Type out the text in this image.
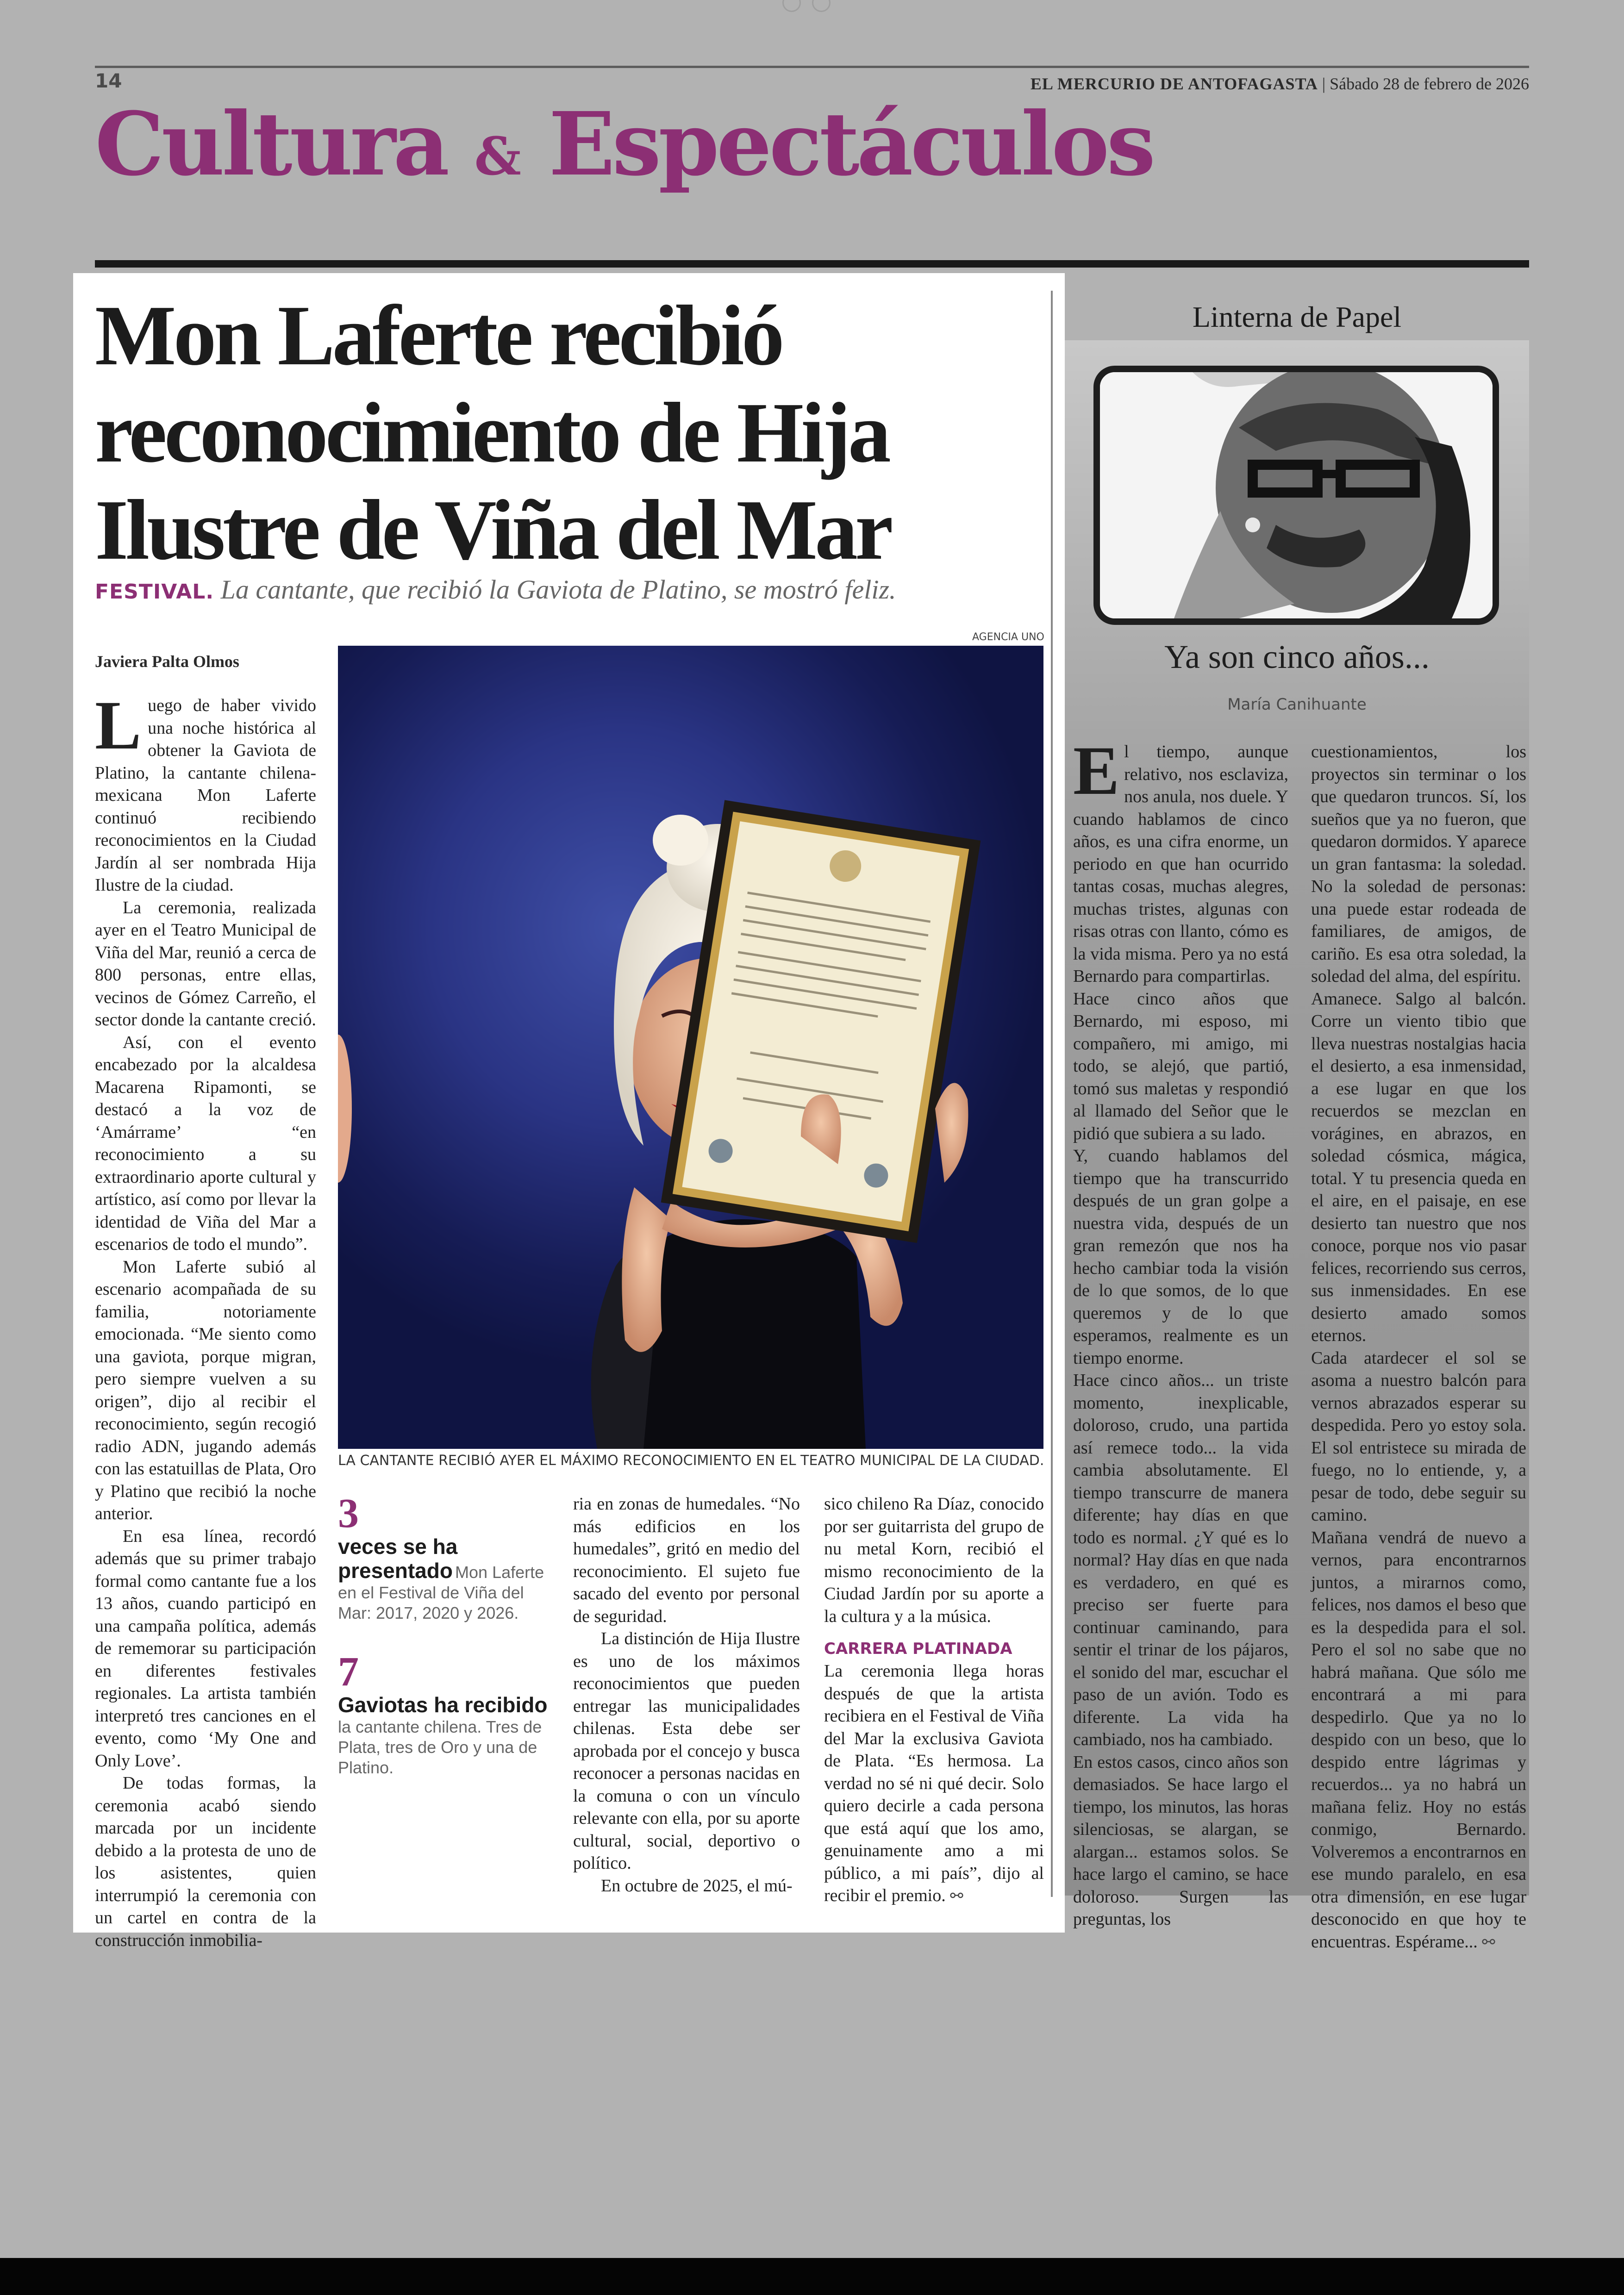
14	EL MERCURIO DE ANTOFAGASTA | Sábado 28 de febrero de 2026
Cultura & Espectáculos
Mon Laferte recibió reconocimiento de Hija Ilustre de Viña del Mar
FESTIVAL. La cantante, que recibió la Gaviota de Platino, se mostró feliz.
AGENCIA UNO
LA CANTANTE RECIBIÓ AYER EL MÁXIMO RECONOCIMIENTO EN EL TEATRO MUNICIPAL DE LA CIUDAD.
Javiera Palta Olmos

Luego de haber vivido una noche histórica al obtener la Gaviota de Platino, la cantante chilena-mexicana Mon Laferte continuó recibiendo reconocimientos en la Ciudad Jardín al ser nombrada Hija Ilustre de la ciudad.

La ceremonia, realizada ayer en el Teatro Municipal de Viña del Mar, reunió a cerca de 800 personas, entre ellas, vecinos de Gómez Carreño, el sector donde la cantante creció.

Así, con el evento encabezado por la alcaldesa Macarena Ripamonti, se destacó a la voz de ‘Amárrame’ “en reconocimiento a su extraordinario aporte cultural y artístico, así como por llevar la identidad de Viña del Mar a escenarios de todo el mundo”.

Mon Laferte subió al escenario acompañada de su familia, notoriamente emocionada. “Me siento como una gaviota, porque migran, pero siempre vuelven a su origen”, dijo al recibir el reconocimiento, según recogió radio ADN, jugando además con las estatuillas de Plata, Oro y Platino que recibió la noche anterior.

En esa línea, recordó además que su primer trabajo formal como cantante fue a los 13 años, cuando participó en una campaña política, además de rememorar su participación en diferentes festivales regionales. La artista también interpretó tres canciones en el evento, como ‘My One and Only Love’.

De todas formas, la ceremonia acabó siendo marcada por un incidente debido a la protesta de uno de los asistentes, quien interrumpió la ceremonia con un cartel en contra de la construcción inmobilia-

3
veces se ha presentado Mon Laferte en el Festival de Viña del Mar: 2017, 2020 y 2026.
7
Gaviotas ha recibido
la cantante chilena. Tres de Plata, tres de Oro y una de Platino.

ria en zonas de humedales. “No más edificios en los humedales”, gritó en medio del reconocimiento. El sujeto fue sacado del evento por personal de seguridad.

La distinción de Hija Ilustre es uno de los máximos reconocimientos que pueden entregar las municipalidades chilenas. Esta debe ser aprobada por el concejo y busca reconocer a personas nacidas en la comuna o con un vínculo relevante con ella, por su aporte cultural, social, deportivo o político.

En octubre de 2025, el mú-

sico chileno Ra Díaz, conocido por ser guitarrista del grupo de nu metal Korn, recibió el mismo reconocimiento de la Ciudad Jardín por su aporte a la cultura y a la música.

CARRERA PLATINADA

La ceremonia llega horas después de que la artista recibiera en el Festival de Viña del Mar la exclusiva Gaviota de Plata. “Es hermosa. La verdad no sé ni qué decir. Solo quiero decirle a cada persona que está aquí que los amo, genuinamente amo a mi público, a mi país”, dijo al recibir el premio. ⚯

Linterna de Papel
Ya son cinco años...
María Canihuante

El tiempo, aunque relativo, nos esclaviza, nos anula, nos duele. Y cuando hablamos de cinco años, es una cifra enorme, un periodo en que han ocurrido tantas cosas, muchas alegres, muchas tristes, algunas con risas otras con llanto, cómo es la vida misma. Pero ya no está Bernardo para compartirlas.

Hace cinco años que Bernardo, mi esposo, mi compañero, mi amigo, mi todo, se alejó, que partió, tomó sus maletas y respondió al llamado del Señor que le pidió que subiera a su lado.

Y, cuando hablamos del tiempo que ha transcurrido después de un gran golpe a nuestra vida, después de un gran remezón que nos ha hecho cambiar toda la visión de lo que somos, de lo que queremos y de lo que esperamos, realmente es un tiempo enorme.

Hace cinco años... un triste momento, inexplicable, doloroso, crudo, una partida así remece todo... la vida cambia absolutamente. El tiempo transcurre de manera diferente; hay días en que todo es normal. ¿Y qué es lo normal? Hay días en que nada es verdadero, en qué es preciso ser fuerte para continuar caminando, para sentir el trinar de los pájaros, el sonido del mar, escuchar el paso de un avión. Todo es diferente. La vida ha cambiado, nos ha cambiado.

En estos casos, cinco años son demasiados. Se hace largo el tiempo, los minutos, las horas silenciosas, se alargan, se alargan... estamos solos. Se hace largo el camino, se hace doloroso. Surgen las preguntas, los

cuestionamientos, los proyectos sin terminar o los que quedaron truncos. Sí, los sueños que ya no fueron, que quedaron dormidos. Y aparece un gran fantasma: la soledad. No la soledad de personas: una puede estar rodeada de familiares, de amigos, de cariño. Es esa otra soledad, la soledad del alma, del espíritu.

Amanece. Salgo al balcón. Corre un viento tibio que lleva nuestras nostalgias hacia el desierto, a esa inmensidad, a ese lugar en que los recuerdos se mezclan en vorágines, en abrazos, en soledad cósmica, mágica, total. Y tu presencia queda en el aire, en el paisaje, en ese desierto tan nuestro que nos conoce, porque nos vio pasar felices, recorriendo sus cerros, sus inmensidades. En ese desierto amado somos eternos.

Cada atardecer el sol se asoma a nuestro balcón para vernos abrazados esperar su despedida. Pero yo estoy sola. El sol entristece su mirada de fuego, no lo entiende, y, a pesar de todo, debe seguir su camino.

Mañana vendrá de nuevo a vernos, para encontrarnos juntos, a mirarnos como, felices, nos damos el beso que es la despedida para el sol. Pero el sol no sabe que no habrá mañana. Que sólo me encontrará a mi para despedirlo. Que ya no lo despido con un beso, que lo despido entre lágrimas y recuerdos... ya no habrá un mañana feliz. Hoy no estás conmigo, Bernardo. Volveremos a encontrarnos en ese mundo paralelo, en esa otra dimensión, en ese lugar desconocido en que hoy te encuentras. Espérame... ⚯
